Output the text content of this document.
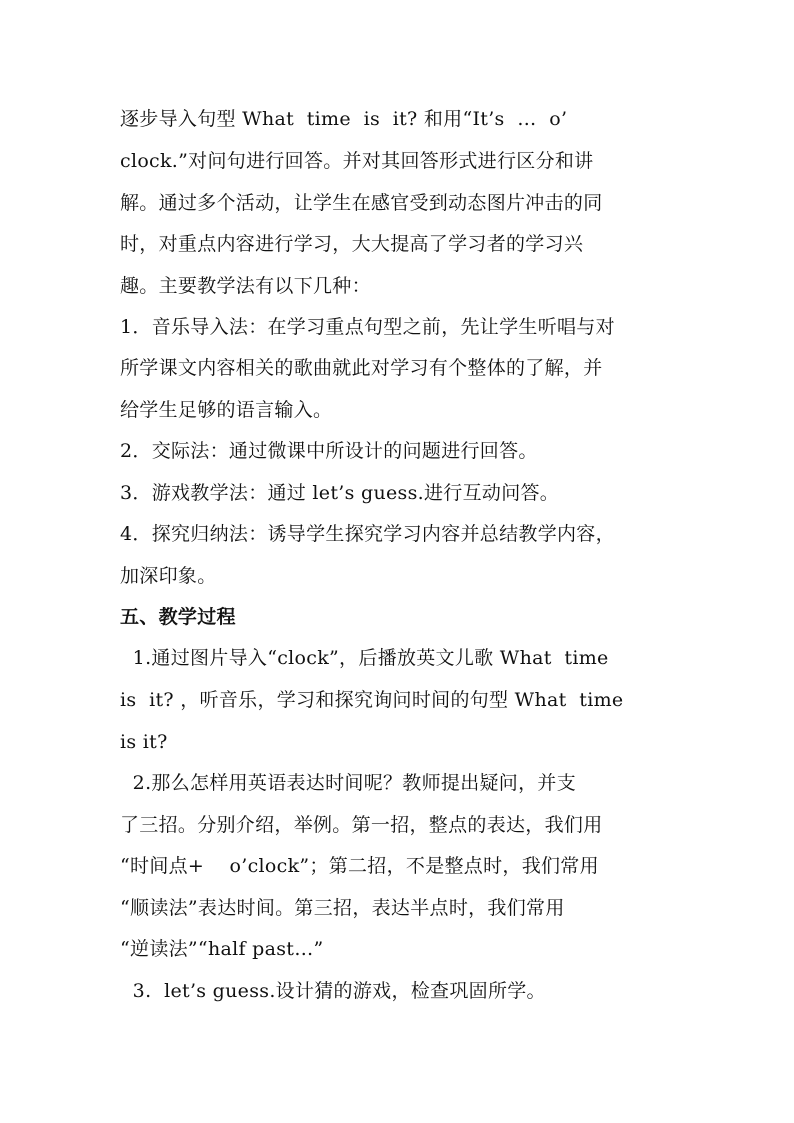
逐步导入句型 What  time  is  it? 和用“It’s  …  o’
clock.”对问句进行回答。并对其回答形式进行区分和讲
解。通过多个活动，让学生在感官受到动态图片冲击的同
时，对重点内容进行学习，大大提高了学习者的学习兴
趣。主要教学法有以下几种：
1．音乐导入法：在学习重点句型之前，先让学生听唱与对
所学课文内容相关的歌曲就此对学习有个整体的了解，并
给学生足够的语言输入。
2．交际法：通过微课中所设计的问题进行回答。
3．游戏教学法：通过 let’s guess.进行互动问答。
4．探究归纳法：诱导学生探究学习内容并总结教学内容，
加深印象。
五、教学过程
1.通过图片导入“clock”，后播放英文儿歌 What  time
is  it? ，听音乐，学习和探究询问时间的句型 What  time
is it?
2.那么怎样用英语表达时间呢？教师提出疑问，并支
了三招。分别介绍，举例。第一招，整点的表达，我们用
“时间点+    o’clock”；第二招，不是整点时，我们常用
“顺读法”表达时间。第三招，表达半点时，我们常用
“逆读法”“half past…”
3.  let’s guess.设计猜的游戏，检查巩固所学。
